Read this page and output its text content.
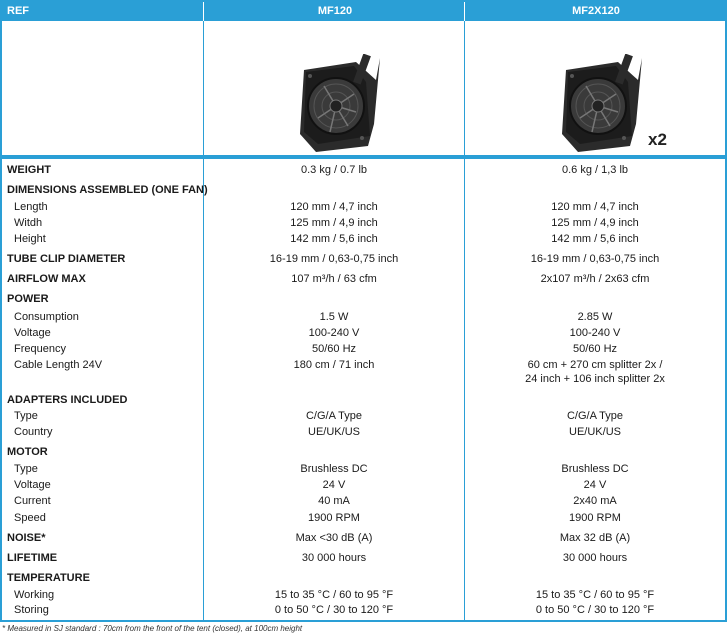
REF	MF120	MF2X120
x2
WEIGHT	0.3 kg / 0.7 lb	0.6 kg / 1,3 lb
DIMENSIONS ASSEMBLED (ONE FAN)
Length	120 mm / 4,7 inch	120 mm / 4,7 inch
Witdh	125 mm / 4,9 inch	125 mm / 4,9 inch
Height	142 mm / 5,6 inch	142 mm / 5,6 inch
TUBE CLIP DIAMETER	16-19 mm / 0,63-0,75 inch	16-19 mm / 0,63-0,75 inch
AIRFLOW MAX	107 m³/h / 63 cfm	2x107 m³/h / 2x63 cfm
POWER
Consumption	1.5 W	2.85 W
Voltage	100-240 V	100-240 V
Frequency	50/60 Hz	50/60 Hz
Cable Length 24V	180 cm / 71 inch	60 cm + 270 cm splitter 2x /
24 inch + 106 inch splitter 2x
ADAPTERS INCLUDED
Type	C/G/A Type	C/G/A Type
Country	UE/UK/US	UE/UK/US
MOTOR
Type	Brushless DC	Brushless DC
Voltage	24 V	24 V
Current	40 mA	2x40 mA
Speed	1900 RPM	1900 RPM
NOISE*	Max <30 dB (A)	Max 32 dB (A)
LIFETIME	30 000 hours	30 000 hours
TEMPERATURE
Working	15 to 35 °C / 60 to 95 °F	15 to 35 °C / 60 to 95 °F
Storing	0 to 50 °C / 30 to 120 °F	0 to 50 °C / 30 to 120 °F
* Measured in SJ standard : 70cm from the front of the tent (closed), at 100cm height
